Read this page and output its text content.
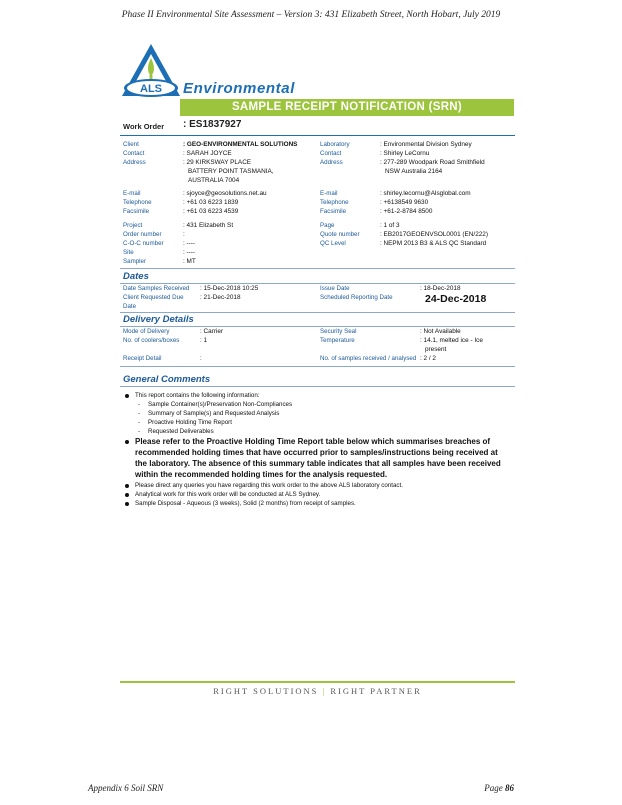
Phase II Environmental Site Assessment – Version 3: 431 Elizabeth Street, North Hobart, July 2019
ALS Environmental
SAMPLE RECEIPT NOTIFICATION (SRN)
Work Order : ES1837927
Client	: GEO-ENVIRONMENTAL SOLUTIONS
Contact	: SARAH JOYCE
Address	: 29 KIRKSWAY PLACE
BATTERY POINT TASMANIA,
AUSTRALIA 7004
E-mail	: sjoyce@geosolutions.net.au
Telephone	: +61 03 6223 1839
Facsimile	: +61 03 6223 4539
Project	: 431 Elizabeth St
Order number	:
C-O-C number	: ----
Site	: ----
Sampler	: MT
Laboratory	: Environmental Division Sydney
Contact	: Shirley LeCornu
Address	: 277-289 Woodpark Road Smithfield
NSW Australia 2164
E-mail	: shirley.lecornu@Alsglobal.com
Telephone	: +6138549 9630
Facsimile	: +61-2-8784 8500
Page	: 1 of 3
Quote number	: EB2017GEOENVSOL0001 (EN/222)
QC Level	: NEPM 2013 B3 & ALS QC Standard
Dates
Date Samples Received : 15-Dec-2018 10:25
Client Requested Due
Date
: 21-Dec-2018
Issue Date	: 18-Dec-2018
Scheduled Reporting Date	24-Dec-2018
Delivery Details
Mode of Delivery	: Carrier
No. of coolers/boxes	: 1
Receipt Detail	:
Security Seal	: Not Available
Temperature	: 14.1, melted ice - Ice
present
No. of samples received / analysed : 2 / 2
General Comments
This report contains the following information:
- Sample Container(s)/Preservation Non-Compliances
- Summary of Sample(s) and Requested Analysis
- Proactive Holding Time Report
- Requested Deliverables
Please refer to the Proactive Holding Time Report table below which summarises breaches of
recommended holding times that have occurred prior to samples/instructions being received at
the laboratory. The absence of this summary table indicates that all samples have been received
within the recommended holding times for the analysis requested.
Please direct any queries you have regarding this work order to the above ALS laboratory contact.
Analytical work for this work order will be conducted at ALS Sydney.
Sample Disposal - Aqueous (3 weeks), Solid (2 months) from receipt of samples.
RIGHT SOLUTIONS | RIGHT PARTNER
Appendix 6 Soil SRN	Page 86
